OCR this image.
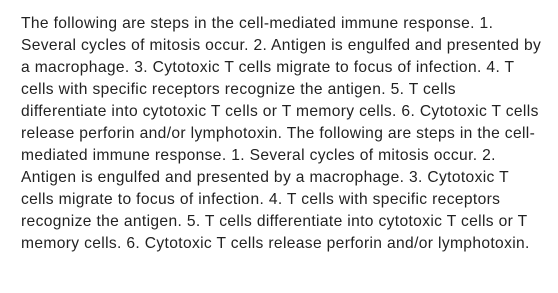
The following are steps in the cell-mediated immune response. 1. Several cycles of mitosis occur. 2. Antigen is engulfed and presented by a macrophage. 3. Cytotoxic T cells migrate to focus of infection. 4. T cells with specific receptors recognize the antigen. 5. T cells differentiate into cytotoxic T cells or T memory cells. 6. Cytotoxic T cells release perforin and/or lymphotoxin. The following are steps in the cell-mediated immune response. 1. Several cycles of mitosis occur. 2. Antigen is engulfed and presented by a macrophage. 3. Cytotoxic T cells migrate to focus of infection. 4. T cells with specific receptors recognize the antigen. 5. T cells differentiate into cytotoxic T cells or T memory cells. 6. Cytotoxic T cells release perforin and/or lymphotoxin.
